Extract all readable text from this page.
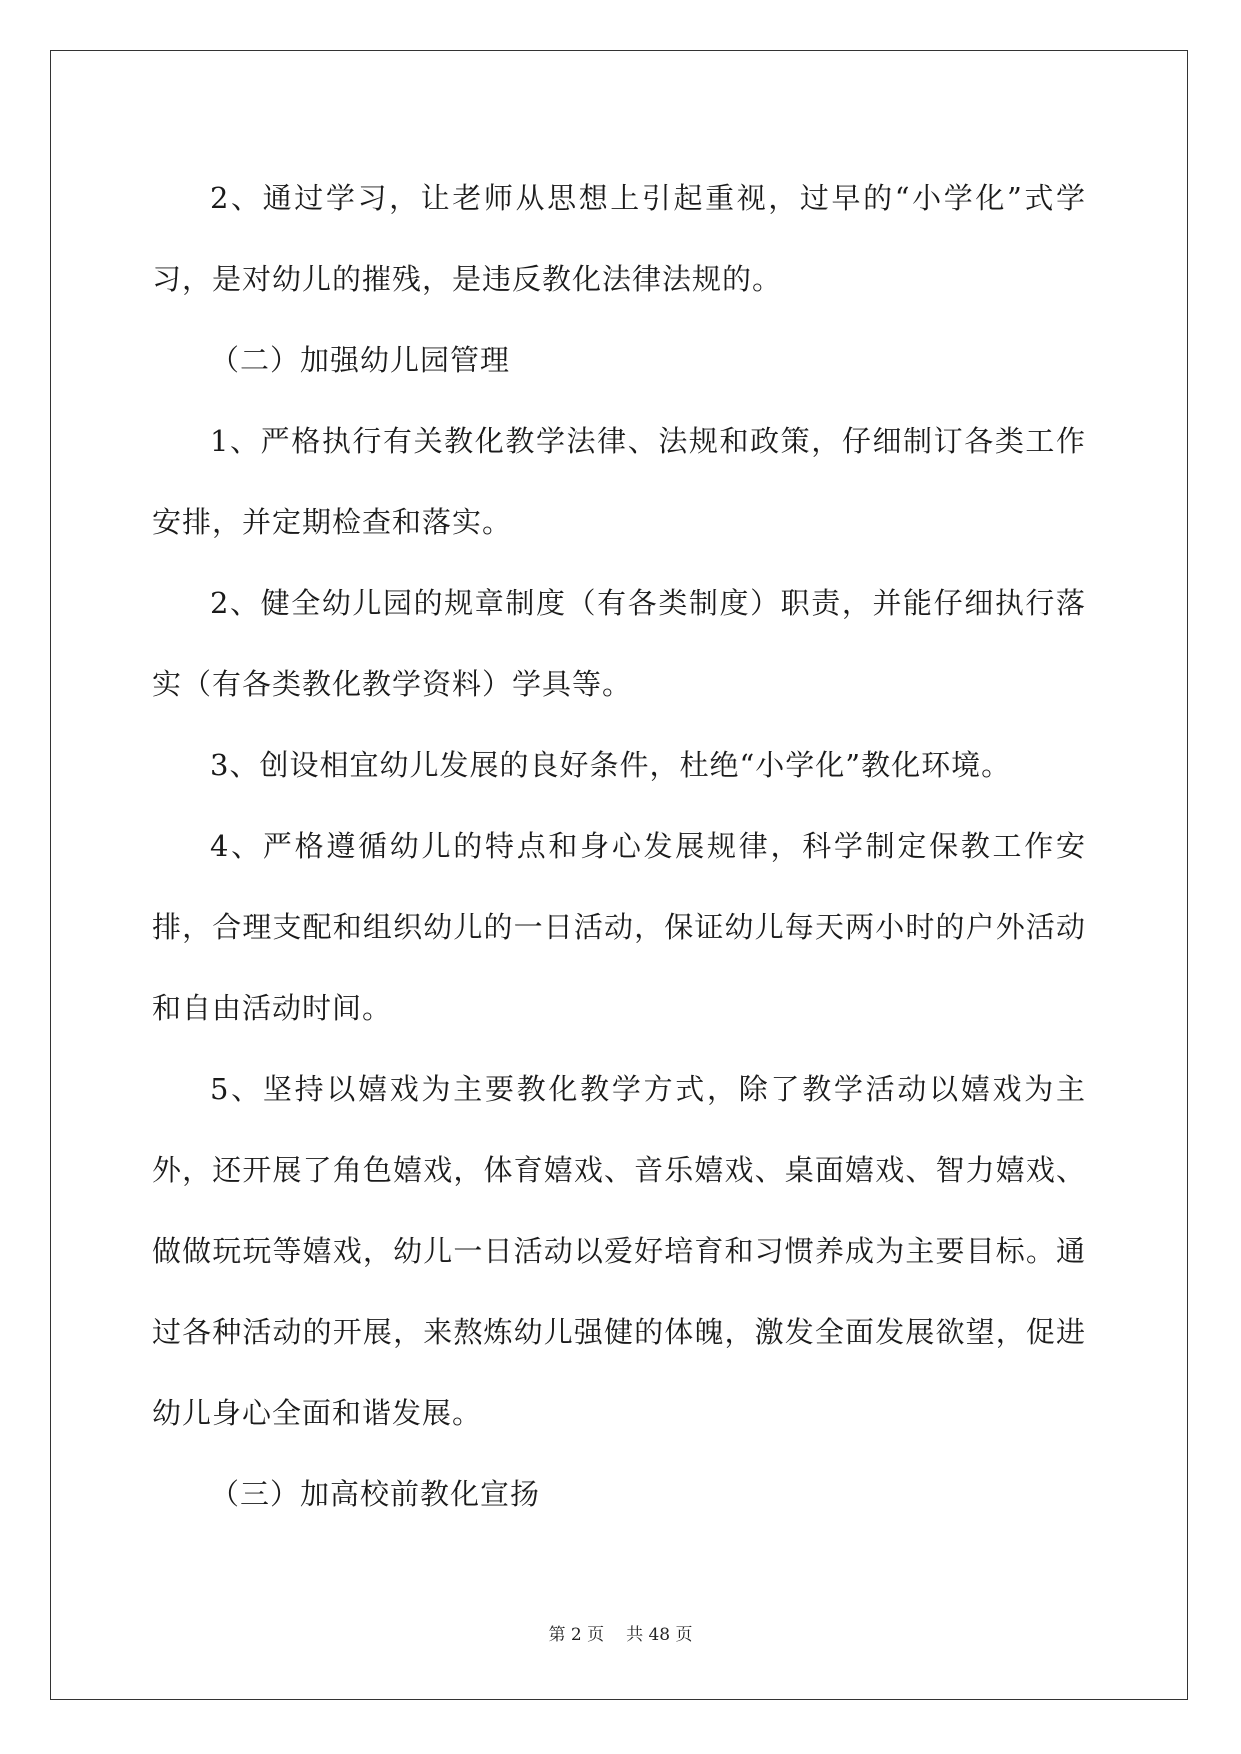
2、通过学习，让老师从思想上引起重视，过早的“小学化”式学习，是对幼儿的摧残，是违反教化法律法规的。

（二）加强幼儿园管理

1、严格执行有关教化教学法律、法规和政策，仔细制订各类工作安排，并定期检查和落实。

2、健全幼儿园的规章制度（有各类制度）职责，并能仔细执行落实（有各类教化教学资料）学具等。

3、创设相宜幼儿发展的良好条件，杜绝“小学化”教化环境。

4、严格遵循幼儿的特点和身心发展规律，科学制定保教工作安排，合理支配和组织幼儿的一日活动，保证幼儿每天两小时的户外活动和自由活动时间。

5、坚持以嬉戏为主要教化教学方式，除了教学活动以嬉戏为主外，还开展了角色嬉戏，体育嬉戏、音乐嬉戏、桌面嬉戏、智力嬉戏、做做玩玩等嬉戏，幼儿一日活动以爱好培育和习惯养成为主要目标。通过各种活动的开展，来熬炼幼儿强健的体魄，激发全面发展欲望，促进幼儿身心全面和谐发展。

（三）加高校前教化宣扬

第 2 页 共 48 页
